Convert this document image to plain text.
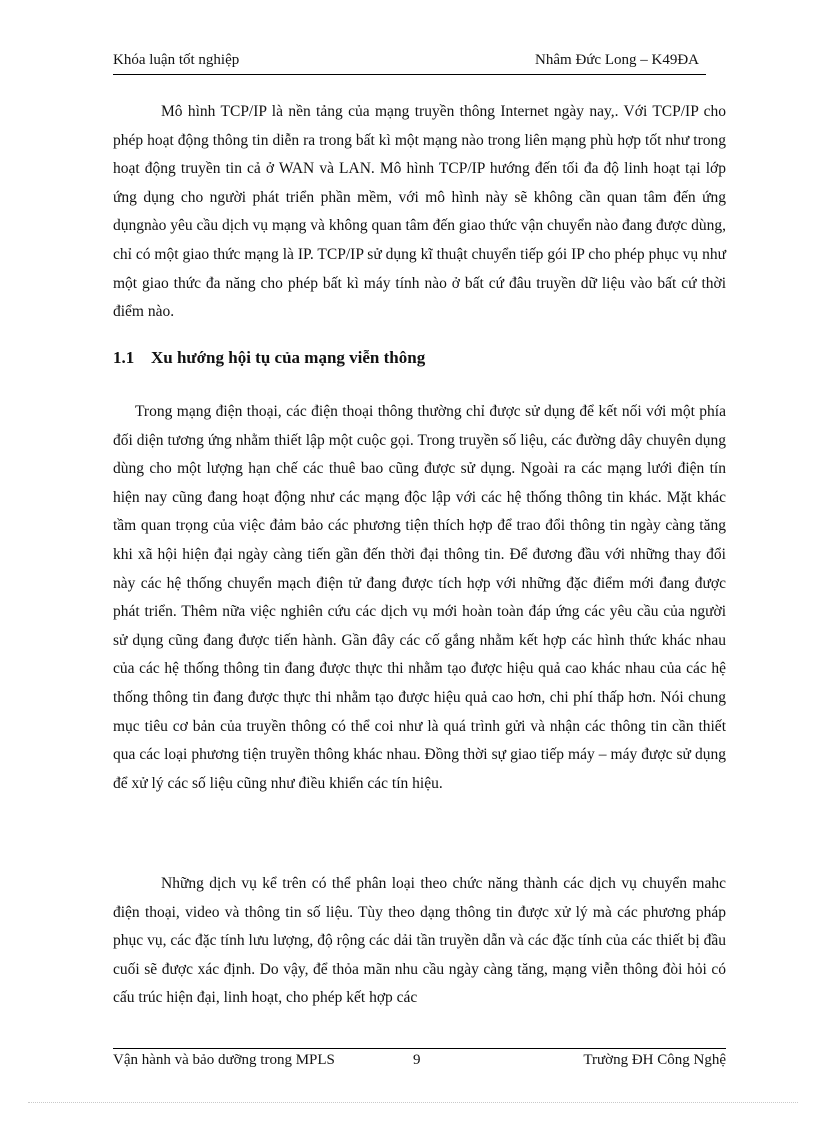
Khóa luận tốt nghiệp	Nhâm Đức Long – K49ĐA

Mô hình TCP/IP là nền tảng của mạng truyền thông Internet ngày nay,. Với TCP/IP cho phép hoạt động thông tin diễn ra trong bất kì một mạng nào trong liên mạng phù hợp tốt như trong hoạt động truyền tin cả ở WAN và LAN. Mô hình TCP/IP hướng đến tối đa độ linh hoạt tại lớp ứng dụng cho người phát triển phần mềm, với mô hình này sẽ không cần quan tâm đến ứng dụngnào yêu cầu dịch vụ mạng và không quan tâm đến giao thức vận chuyển nào đang được dùng, chỉ có một giao thức mạng là IP. TCP/IP sử dụng kĩ thuật chuyển tiếp gói IP cho phép phục vụ như một giao thức đa năng cho phép bất kì máy tính nào ở bất cứ đâu truyền dữ liệu vào bất cứ thời điểm nào.

1.1 Xu hướng hội tụ của mạng viễn thông

Trong mạng điện thoại, các điện thoại thông thường chỉ được sử dụng để kết nối với một phía đối diện tương ứng nhằm thiết lập một cuộc gọi. Trong truyền số liệu, các đường dây chuyên dụng dùng cho một lượng hạn chế các thuê bao cũng được sử dụng. Ngoài ra các mạng lưới điện tín hiện nay cũng đang hoạt động như các mạng độc lập với các hệ thống thông tin khác. Mặt khác tầm quan trọng của việc đảm bảo các phương tiện thích hợp để trao đổi thông tin ngày càng tăng khi xã hội hiện đại ngày càng tiến gần đến thời đại thông tin. Để đương đầu với những thay đổi này các hệ thống chuyển mạch điện tử đang được tích hợp với những đặc điểm mới đang được phát triển. Thêm nữa việc nghiên cứu các dịch vụ mới hoàn toàn đáp ứng các yêu cầu của người sử dụng cũng đang được tiến hành. Gần đây các cố gắng nhằm kết hợp các hình thức khác nhau của các hệ thống thông tin đang được thực thi nhằm tạo được hiệu quả cao khác nhau của các hệ thống thông tin đang được thực thi nhằm tạo được hiệu quả cao hơn, chi phí thấp hơn. Nói chung mục tiêu cơ bản của truyền thông có thể coi như là quá trình gửi và nhận các thông tin cần thiết qua các loại phương tiện truyền thông khác nhau. Đồng thời sự giao tiếp máy – máy được sử dụng để xử lý các số liệu cũng như điều khiển các tín hiệu.

Những dịch vụ kể trên có thể phân loại theo chức năng thành các dịch vụ chuyển mahc điện thoại, video và thông tin số liệu. Tùy theo dạng thông tin được xử lý mà các phương pháp phục vụ, các đặc tính lưu lượng, độ rộng các dải tần truyền dẫn và các đặc tính của các thiết bị đầu cuối sẽ được xác định. Do vậy, để thỏa mãn nhu cầu ngày càng tăng, mạng viễn thông đòi hỏi có cấu trúc hiện đại, linh hoạt, cho phép kết hợp các

Vận hành và bảo dưỡng trong MPLS	9	Trường ĐH Công Nghệ
